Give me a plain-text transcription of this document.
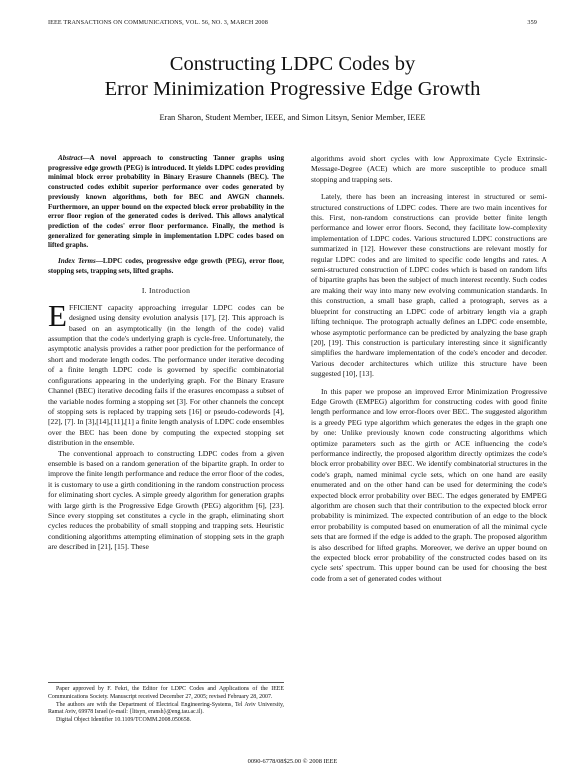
IEEE TRANSACTIONS ON COMMUNICATIONS, VOL. 56, NO. 3, MARCH 2008	359
Constructing LDPC Codes by
Error Minimization Progressive Edge Growth
Eran Sharon, Student Member, IEEE, and Simon Litsyn, Senior Member, IEEE

Abstract—A novel approach to constructing Tanner graphs using progressive edge growth (PEG) is introduced. It yields LDPC codes providing minimal block error probability in Binary Erasure Channels (BEC). The constructed codes exhibit superior performance over codes generated by previously known algorithms, both for BEC and AWGN channels. Furthermore, an upper bound on the expected block error probability in the error floor region of the generated codes is derived. This allows analytical prediction of the codes' error floor performance. Finally, the method is generalized for generating simple in implementation LDPC codes based on lifted graphs.

Index Terms—LDPC codes, progressive edge growth (PEG), error floor, stopping sets, trapping sets, lifted graphs.

I. Introduction

EFFICIENT capacity approaching irregular LDPC codes can be designed using density evolution analysis [17], [2]. This approach is based on an asymptotically (in the length of the code) valid assumption that the code's underlying graph is cycle-free. Unfortunately, the asymptotic analysis provides a rather poor prediction for the performance of short and moderate length codes. The performance under iterative decoding of a finite length LDPC code is governed by specific combinatorial configurations appearing in the underlying graph. For the Binary Erasure Channel (BEC) iterative decoding fails if the erasures encompass a subset of the variable nodes forming a stopping set [3]. For other channels the concept of stopping sets is replaced by trapping sets [16] or pseudo-codewords [4], [22], [7]. In [3],[14],[11],[1] a finite length analysis of LDPC code ensembles over the BEC has been done by computing the expected stopping set distribution in the ensemble.

The conventional approach to constructing LDPC codes from a given ensemble is based on a random generation of the bipartite graph. In order to improve the finite length performance and reduce the error floor of the codes, it is customary to use a girth conditioning in the random construction process for eliminating short cycles. A simple greedy algorithm for generation graphs with large girth is the Progressive Edge Growth (PEG) algorithm [6], [23]. Since every stopping set constitutes a cycle in the graph, eliminating short cycles reduces the probability of small stopping and trapping sets. Heuristic conditioning algorithms attempting elimination of stopping sets in the graph are described in [21], [15]. These

algorithms avoid short cycles with low Approximate Cycle Extrinsic-Message-Degree (ACE) which are more susceptible to produce small stopping and trapping sets.

Lately, there has been an increasing interest in structured or semi-structured constructions of LDPC codes. There are two main incentives for this. First, non-random constructions can provide better finite length performance and lower error floors. Second, they facilitate low-complexity implementation of LDPC codes. Various structured LDPC constructions are summarized in [12]. However these constructions are relevant mostly for regular LDPC codes and are limited to specific code lengths and rates. A semi-structured construction of LDPC codes which is based on random lifts of bipartite graphs has been the subject of much interest recently. Such codes are making their way into many new evolving communication standards. In this construction, a small base graph, called a protograph, serves as a blueprint for constructing an LDPC code of arbitrary length via a graph lifting technique. The protograph actually defines an LDPC code ensemble, whose asymptotic performance can be predicted by analyzing the base graph [20], [19]. This construction is particulary interesting since it significantly simplifies the hardware implementation of the code's encoder and decoder. Various decoder architectures which utilize this structure have been suggested [10], [13].

In this paper we propose an improved Error Minimization Progressive Edge Growth (EMPEG) algorithm for constructing codes with good finite length performance and low error-floors over BEC. The suggested algorithm is a greedy PEG type algorithm which generates the edges in the graph one by one: Unlike previously known code constructing algorithms which optimize parameters such as the girth or ACE influencing the code's performance indirectly, the proposed algorithm directly optimizes the code's block error probability over BEC. We identify combinatorial structures in the code's graph, named minimal cycle sets, which on one hand are easily enumerated and on the other hand can be used for determining the code's expected block error probability over BEC. The edges generated by EMPEG algorithm are chosen such that their contribution to the expected block error probability is minimized. The expected contribution of an edge to the block error probability is computed based on enumeration of all the minimal cycle sets that are formed if the edge is added to the graph. The proposed algorithm is also described for lifted graphs. Moreover, we derive an upper bound on the expected block error probability of the constructed codes based on its cycle sets' spectrum. This upper bound can be used for choosing the best code from a set of generated codes without

Paper approved by F. Fekri, the Editor for LDPC Codes and Applications of the IEEE Communications Society. Manuscript received December 27, 2005; revised February 28, 2007.

The authors are with the Department of Electrical Engineering-Systems, Tel Aviv University, Ramat Aviv, 69978 Israel (e-mail: {litsyn, eransh}@eng.tau.ac.il).

Digital Object Identifier 10.1109/TCOMM.2008.050658.

0090-6778/08$25.00 © 2008 IEEE
